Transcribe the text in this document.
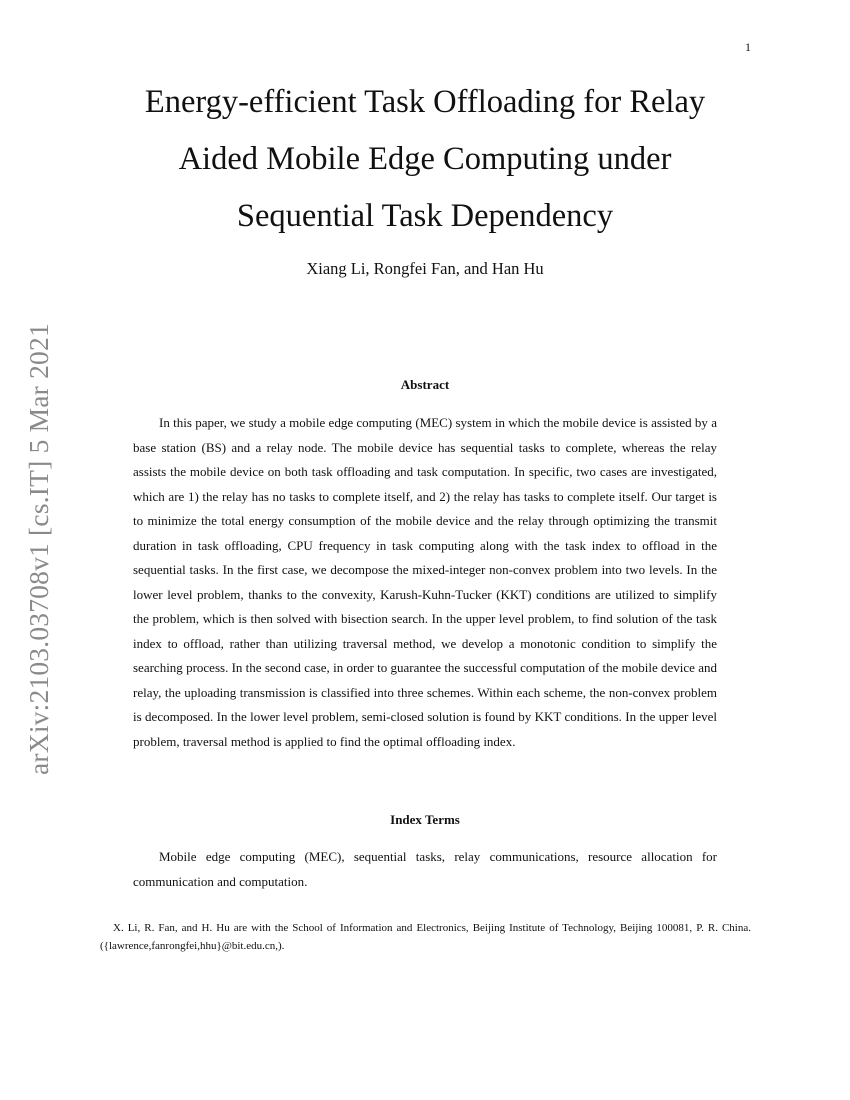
1
arXiv:2103.03708v1 [cs.IT] 5 Mar 2021
Energy-efficient Task Offloading for Relay
Aided Mobile Edge Computing under
Sequential Task Dependency
Xiang Li, Rongfei Fan, and Han Hu
Abstract

In this paper, we study a mobile edge computing (MEC) system in which the mobile device is assisted by a base station (BS) and a relay node. The mobile device has sequential tasks to complete, whereas the relay assists the mobile device on both task offloading and task computation. In specific, two cases are investigated, which are 1) the relay has no tasks to complete itself, and 2) the relay has tasks to complete itself. Our target is to minimize the total energy consumption of the mobile device and the relay through optimizing the transmit duration in task offloading, CPU frequency in task computing along with the task index to offload in the sequential tasks. In the first case, we decompose the mixed-integer non-convex problem into two levels. In the lower level problem, thanks to the convexity, Karush-Kuhn-Tucker (KKT) conditions are utilized to simplify the problem, which is then solved with bisection search. In the upper level problem, to find solution of the task index to offload, rather than utilizing traversal method, we develop a monotonic condition to simplify the searching process. In the second case, in order to guarantee the successful computation of the mobile device and relay, the uploading transmission is classified into three schemes. Within each scheme, the non-convex problem is decomposed. In the lower level problem, semi-closed solution is found by KKT conditions. In the upper level problem, traversal method is applied to find the optimal offloading index.

Index Terms

Mobile edge computing (MEC), sequential tasks, relay communications, resource allocation for communication and computation.

X. Li, R. Fan, and H. Hu are with the School of Information and Electronics, Beijing Institute of Technology, Beijing 100081, P. R. China. ({lawrence,fanrongfei,hhu}@bit.edu.cn,).
